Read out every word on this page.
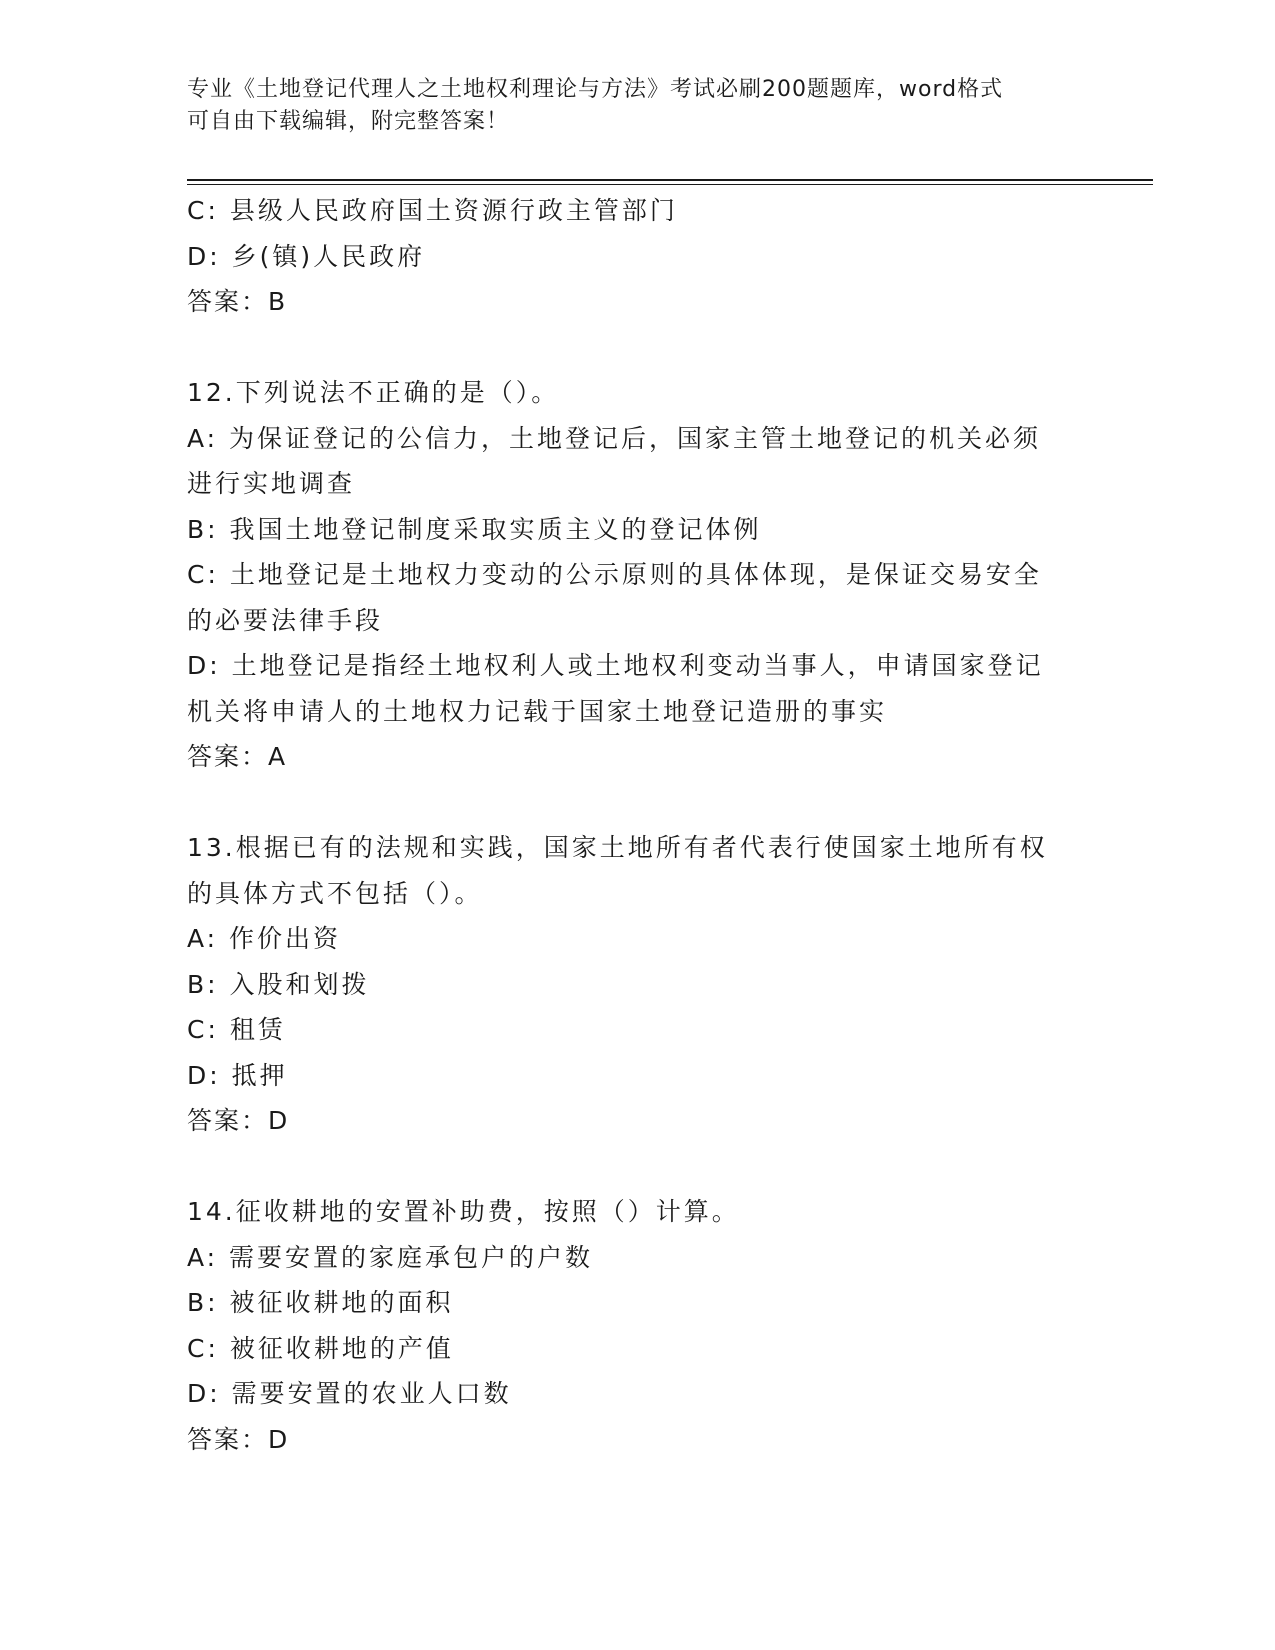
专业《土地登记代理人之土地权利理论与方法》考试必刷200题题库，word格式
可自由下载编辑，附完整答案！
C: 县级人民政府国土资源行政主管部门
D: 乡(镇)人民政府
答案：B
12.下列说法不正确的是（）。
A: 为保证登记的公信力，土地登记后，国家主管土地登记的机关必须
进行实地调查
B: 我国土地登记制度采取实质主义的登记体例
C: 土地登记是土地权力变动的公示原则的具体体现，是保证交易安全
的必要法律手段
D: 土地登记是指经土地权利人或土地权利变动当事人，申请国家登记
机关将申请人的土地权力记载于国家土地登记造册的事实
答案：A
13.根据已有的法规和实践，国家土地所有者代表行使国家土地所有权
的具体方式不包括（）。
A: 作价出资
B: 入股和划拨
C: 租赁
D: 抵押
答案：D
14.征收耕地的安置补助费，按照（）计算。
A: 需要安置的家庭承包户的户数
B: 被征收耕地的面积
C: 被征收耕地的产值
D: 需要安置的农业人口数
答案：D
